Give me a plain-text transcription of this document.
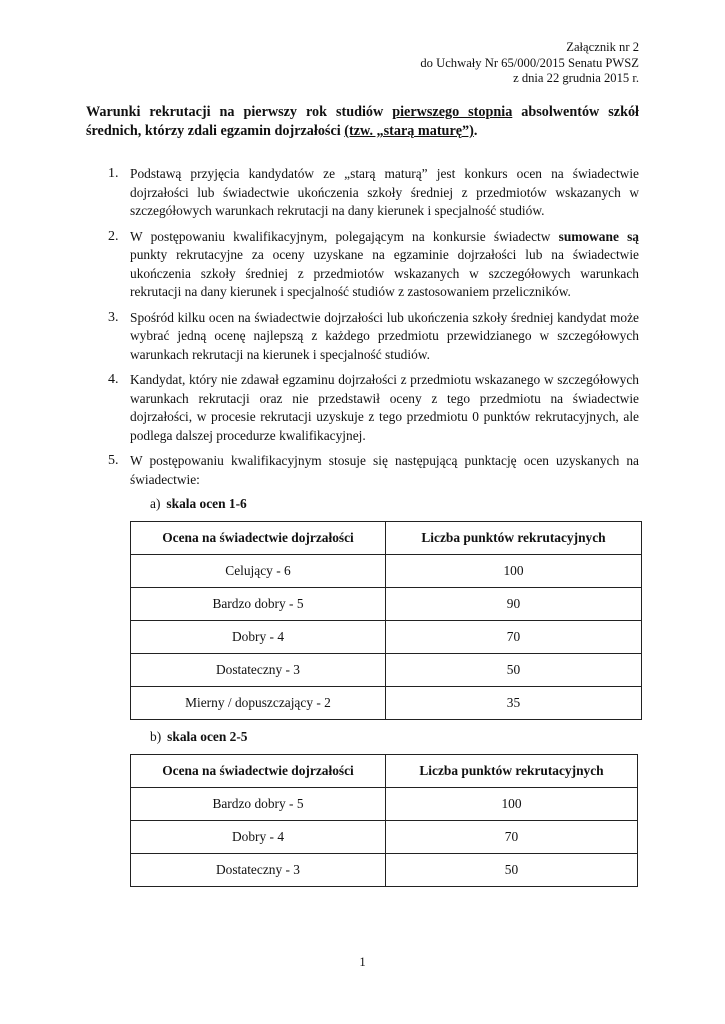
Załącznik nr 2
do Uchwały Nr 65/000/2015 Senatu PWSZ
z dnia 22 grudnia 2015 r.
Warunki rekrutacji na pierwszy rok studiów pierwszego stopnia absolwentów szkół średnich, którzy zdali egzamin dojrzałości (tzw. „starą maturę”).
1. Podstawą przyjęcia kandydatów ze „starą maturą” jest konkurs ocen na świadectwie dojrzałości lub świadectwie ukończenia szkoły średniej z przedmiotów wskazanych w szczegółowych warunkach rekrutacji na dany kierunek i specjalność studiów.
2. W postępowaniu kwalifikacyjnym, polegającym na konkursie świadectw sumowane są punkty rekrutacyjne za oceny uzyskane na egzaminie dojrzałości lub na świadectwie ukończenia szkoły średniej z przedmiotów wskazanych w szczegółowych warunkach rekrutacji na dany kierunek i specjalność studiów z zastosowaniem przeliczników.
3. Spośród kilku ocen na świadectwie dojrzałości lub ukończenia szkoły średniej kandydat może wybrać jedną ocenę najlepszą z każdego przedmiotu przewidzianego w szczegółowych warunkach rekrutacji na kierunek i specjalność studiów.
4. Kandydat, który nie zdawał egzaminu dojrzałości z przedmiotu wskazanego w szczegółowych warunkach rekrutacji oraz nie przedstawił oceny z tego przedmiotu na świadectwie dojrzałości, w procesie rekrutacji uzyskuje z tego przedmiotu 0 punktów rekrutacyjnych, ale podlega dalszej procedurze kwalifikacyjnej.
5. W postępowaniu kwalifikacyjnym stosuje się następującą punktację ocen uzyskanych na świadectwie:
a) skala ocen 1-6
Ocena na świadectwie dojrzałości	Liczba punktów rekrutacyjnych
Celujący - 6	100
Bardzo dobry - 5	90
Dobry - 4	70
Dostateczny - 3	50
Mierny / dopuszczający - 2	35
b) skala ocen 2-5
Ocena na świadectwie dojrzałości	Liczba punktów rekrutacyjnych
Bardzo dobry - 5	100
Dobry - 4	70
Dostateczny - 3	50
1
